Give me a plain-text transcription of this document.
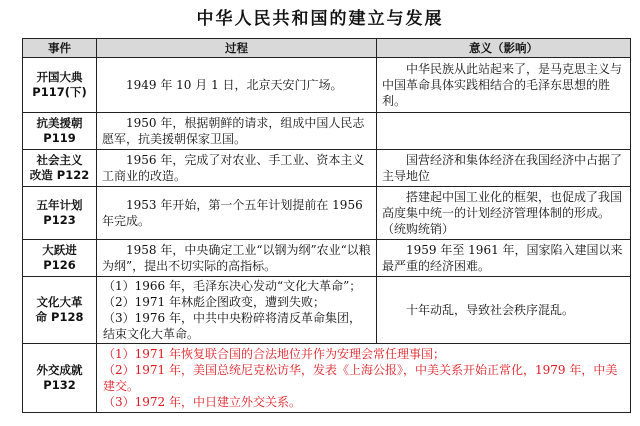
中华人民共和国的建立与发展
事件	过程	意义（影响）

开国大典
P117(下)	1949 年 10 月 1 日，北京天安门广场。	中华民族从此站起来了，是马克思主义与中国革命具体实践相结合的毛泽东思想的胜利。

抗美援朝
P119	1950 年，根据朝鲜的请求，组成中国人民志愿军，抗美援朝保家卫国。	

社会主义
改造 P122	1956 年，完成了对农业、手工业、资本主义工商业的改造。	国营经济和集体经济在我国经济中占据了主导地位

五年计划
P123	1953 年开始，第一个五年计划提前在 1956 年完成。	搭建起中国工业化的框架，也促成了我国高度集中统一的计划经济管理体制的形成。（统购统销）

大跃进
P126	1958 年，中央确定工业“以钢为纲”农业“以粮为纲”，提出不切实际的高指标。	1959 年至 1961 年，国家陷入建国以来最严重的经济困难。

文化大革
命 P128	（1）1966 年，毛泽东决心发动“文化大革命”；
（2）1971 年林彪企图政变，遭到失败；
（3）1976 年，中共中央粉碎将清反革命集团，结束文化大革命。	十年动乱，导致社会秩序混乱。

外交成就
P132	（1）1971 年恢复联合国的合法地位并作为安理会常任理事国；
（2）1971 年，美国总统尼克松访华，发表《上海公报》，中美关系开始正常化，1979 年，中美建交。
（3）1972 年，中日建立外交关系。	
